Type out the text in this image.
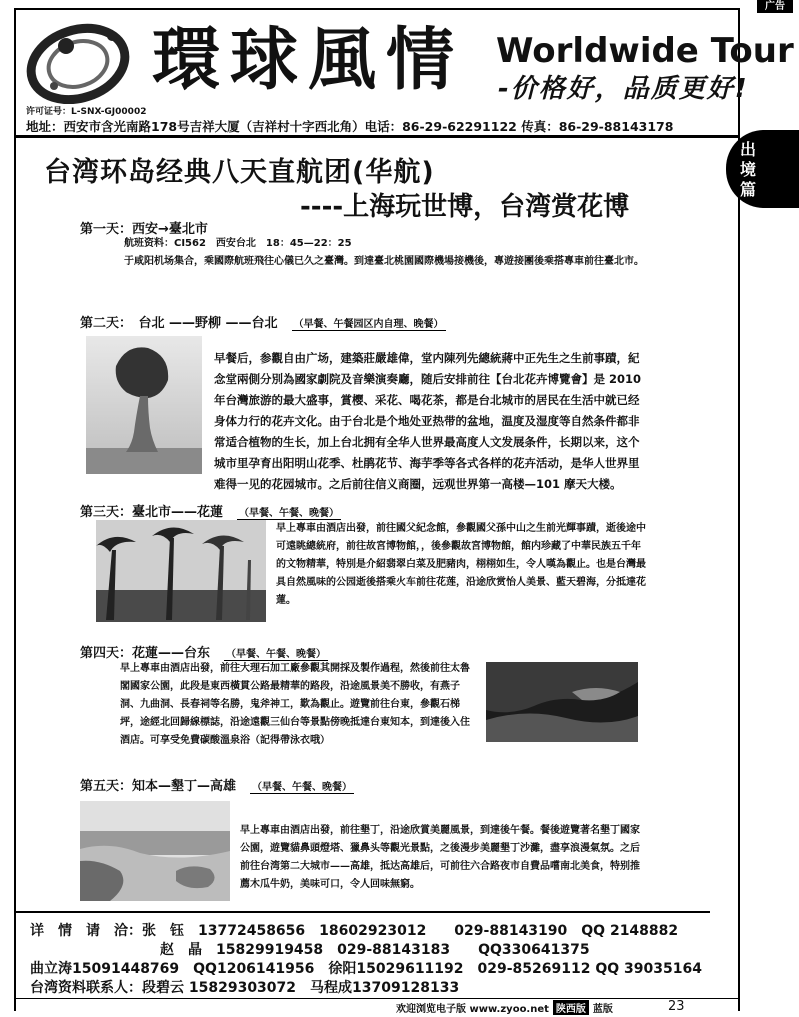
广告
環球風情 Worldwide Tour
-价格好，品质更好!
许可证号：L-SNX-GJ00002
地址：西安市含光南路178号吉祥大厦（吉祥村十字西北角）电话：86-29-62291122 传真：86-29-88143178
出境篇
台湾环岛经典八天直航团(华航)
----上海玩世博，台湾赏花博
第一天：西安→臺北市
航班资料：CI562　西安台北　18：45—22：25
于咸阳机场集合，乘國際航班飛往心儀已久之臺灣。到達臺北桃園國際機場接機後，專遊接團後乘搭專車前往臺北市。
第二天：　台北 ——野柳 ——台北 （早餐、午餐园区内自理、晚餐）
早餐后，参觀自由广场，建築莊嚴雄偉，堂内陳列先總統蔣中正先生之生前事蹟，紀念堂兩側分別為國家劇院及音樂演奏廳，随后安排前往【台北花卉博覽會】是 2010 年台灣旅游的最大盛事，賞樱、采花、喝花茶，都是台北城市的居民在生活中就已经身体力行的花卉文化。由于台北是个地处亚热带的盆地，温度及湿度等自然条件都非常适合植物的生长，加上台北拥有全华人世界最高度人文发展条件，长期以来，这个城市里孕育出阳明山花季、杜鹃花节、海芋季等各式各样的花卉活动，是华人世界里难得一见的花园城市。之后前往信义商圈，远观世界第一高楼—101 摩天大楼。
第三天：臺北市——花蓮 （早餐、午餐、晚餐）
早上專車由酒店出發，前往國父紀念館，參觀國父孫中山之生前光輝事蹟，逝後途中可遠眺總統府，前往故宮博物館，，後參觀故宮博物館，館内珍藏了中華民族五千年的文物精華，特別是介紹翡翠白菜及肥豬肉，栩栩如生，令人嘆為觀止。也是台灣最具自然風味的公园逝後搭乘火车前往花莲，沿途欣赏怡人美景、藍天碧海，分抵達花蓮。
第四天：花蓮——台东 （早餐、午餐、晚餐）
早上專車由酒店出發，前往大理石加工廠參觀其開採及製作過程，然後前往太魯閣國家公園，此段是東西橫貫公路最精華的路段，沿途風景美不勝收，有燕子洞、九曲洞、長春祠等名勝，鬼斧神工，歎為觀止。遊覽前往台東，參觀石梯坪，途經北回歸線標誌，沿途遠觀三仙台等景點傍晚抵達台東知本，到達後入住酒店。可享受免費碳酸溫泉浴（記得帶泳衣哦）
第五天：知本—墾丁—高雄 （早餐、午餐、晚餐）
早上專車由酒店出發，前往墾丁，沿途欣賞美麗風景，到達後午餐。餐後遊覽著名墾丁國家公園，遊覽貓鼻頭燈塔、獵鼻头等觀光景點，之後漫步美麗墾丁沙灘，盡享浪漫氣氛。之后前往台湾第二大城市——高雄，抵达高雄后，可前往六合路夜市自費品嚐南北美食，特别推薦木瓜牛奶，美味可口，令人回味無窮。
详　情　请　洽：张　钰　13772458656　18602923012　　029-88143190　QQ 2148882
赵　晶　15829919458　029-88143183　　QQ330641375
曲立涛15091448769　QQ1206141956　徐阳15029611192　029-85269112 QQ 39035164
台湾资料联系人：段碧云 15829303072　马程成13709128133
欢迎浏览电子版 www.zyoo.net 陕西版 蓝版	23
